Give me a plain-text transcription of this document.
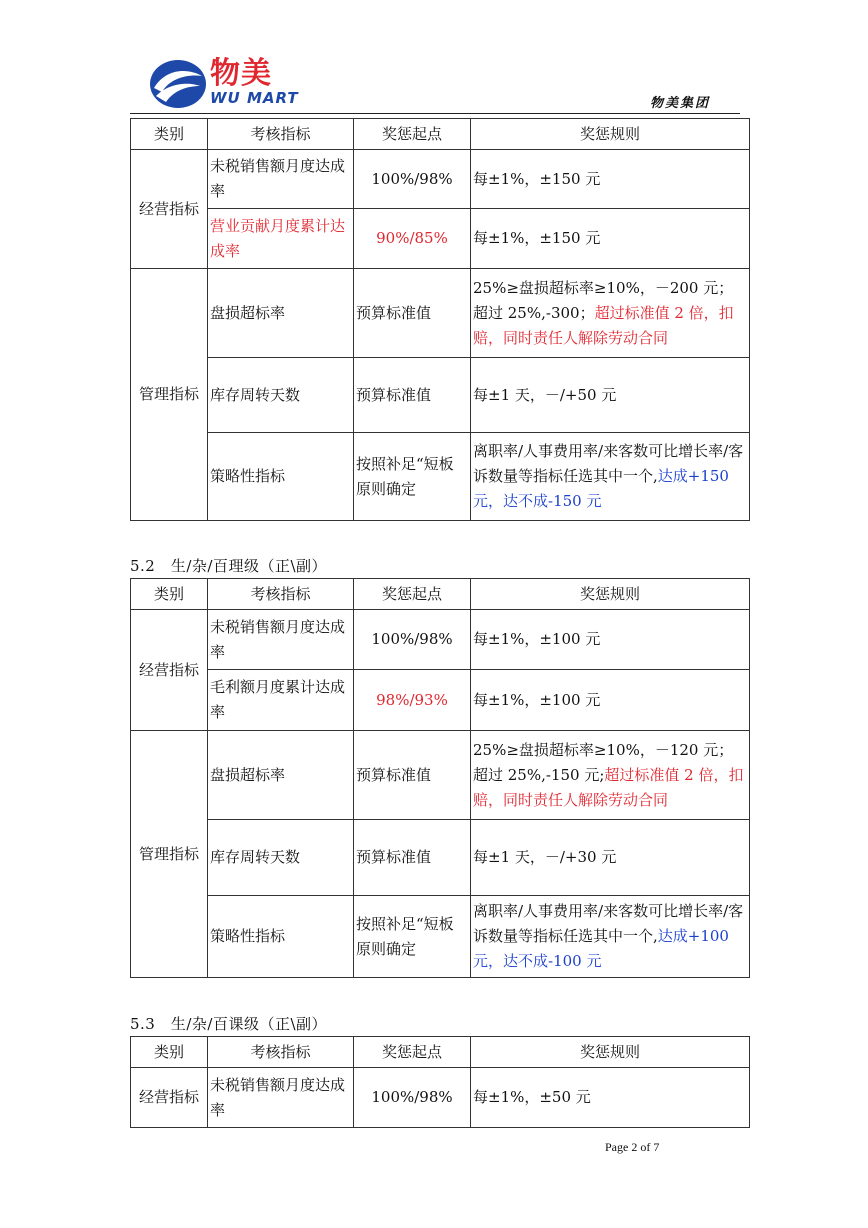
物美
WU MART	物美集团
类别	考核指标	奖惩起点	奖惩规则
经营指标	未税销售额月度达成率	100%/98%	每±1%，±150 元
	营业贡献月度累计达成率	90%/85%	每±1%，±150 元
管理指标	盘损超标率	预算标准值	25%≥盘损超标率≥10%，－200 元；超过 25%,-300；超过标准值 2 倍，扣赔，同时责任人解除劳动合同
	库存周转天数	预算标准值	每±1 天，－/+50 元
	策略性指标	按照补足“短板原则确定	离职率/人事费用率/来客数可比增长率/客诉数量等指标任选其中一个,达成+150 元，达不成-150 元
5.2　生/杂/百理级（正\副）
类别	考核指标	奖惩起点	奖惩规则
经营指标	未税销售额月度达成率	100%/98%	每±1%，±100 元
	毛利额月度累计达成率	98%/93%	每±1%，±100 元
管理指标	盘损超标率	预算标准值	25%≥盘损超标率≥10%，－120 元；超过 25%,-150 元;超过标准值 2 倍，扣赔，同时责任人解除劳动合同
	库存周转天数	预算标准值	每±1 天，－/+30 元
	策略性指标	按照补足“短板原则确定	离职率/人事费用率/来客数可比增长率/客诉数量等指标任选其中一个,达成+100 元，达不成-100 元
5.3　生/杂/百课级（正\副）
类别	考核指标	奖惩起点	奖惩规则
经营指标	未税销售额月度达成率	100%/98%	每±1%，±50 元
Page 2 of 7
